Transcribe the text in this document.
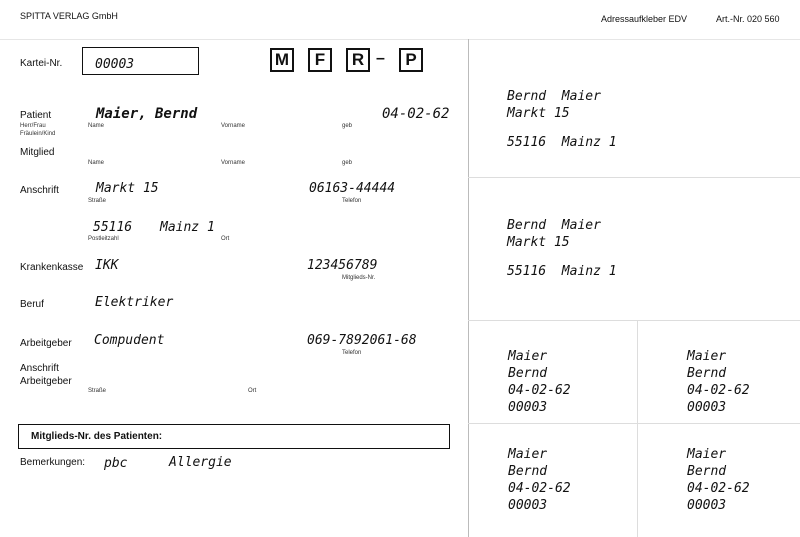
SPITTA VERLAG GmbH	Adressaufkleber EDV	Art.-Nr. 020 560
Kartei-Nr.	00003	M	F	R –	P
Patient
Herr/Frau
Fräulein/Kind
Maier, Bernd	04-02-62
Name	Vorname	geb
Mitglied
Name	Vorname	geb
Anschrift	Markt 15	06163-44444
Straße	Telefon
55116 Mainz 1
Postleitzahl	Ort
Krankenkasse IKK	123456789
Mitglieds-Nr.
Beruf	Elektriker
Arbeitgeber Compudent	069-7892061-68
Telefon
Anschrift
Arbeitgeber
Straße	Ort
Mitglieds-Nr. des Patienten:
Bemerkungen: pbc	Allergie
Bernd  Maier
Markt 15
55116  Mainz 1
Bernd  Maier
Markt 15
55116  Mainz 1
Maier
Bernd
04-02-62
00003
Maier
Bernd
04-02-62
00003
Maier
Bernd
04-02-62
00003
Maier
Bernd
04-02-62
00003
